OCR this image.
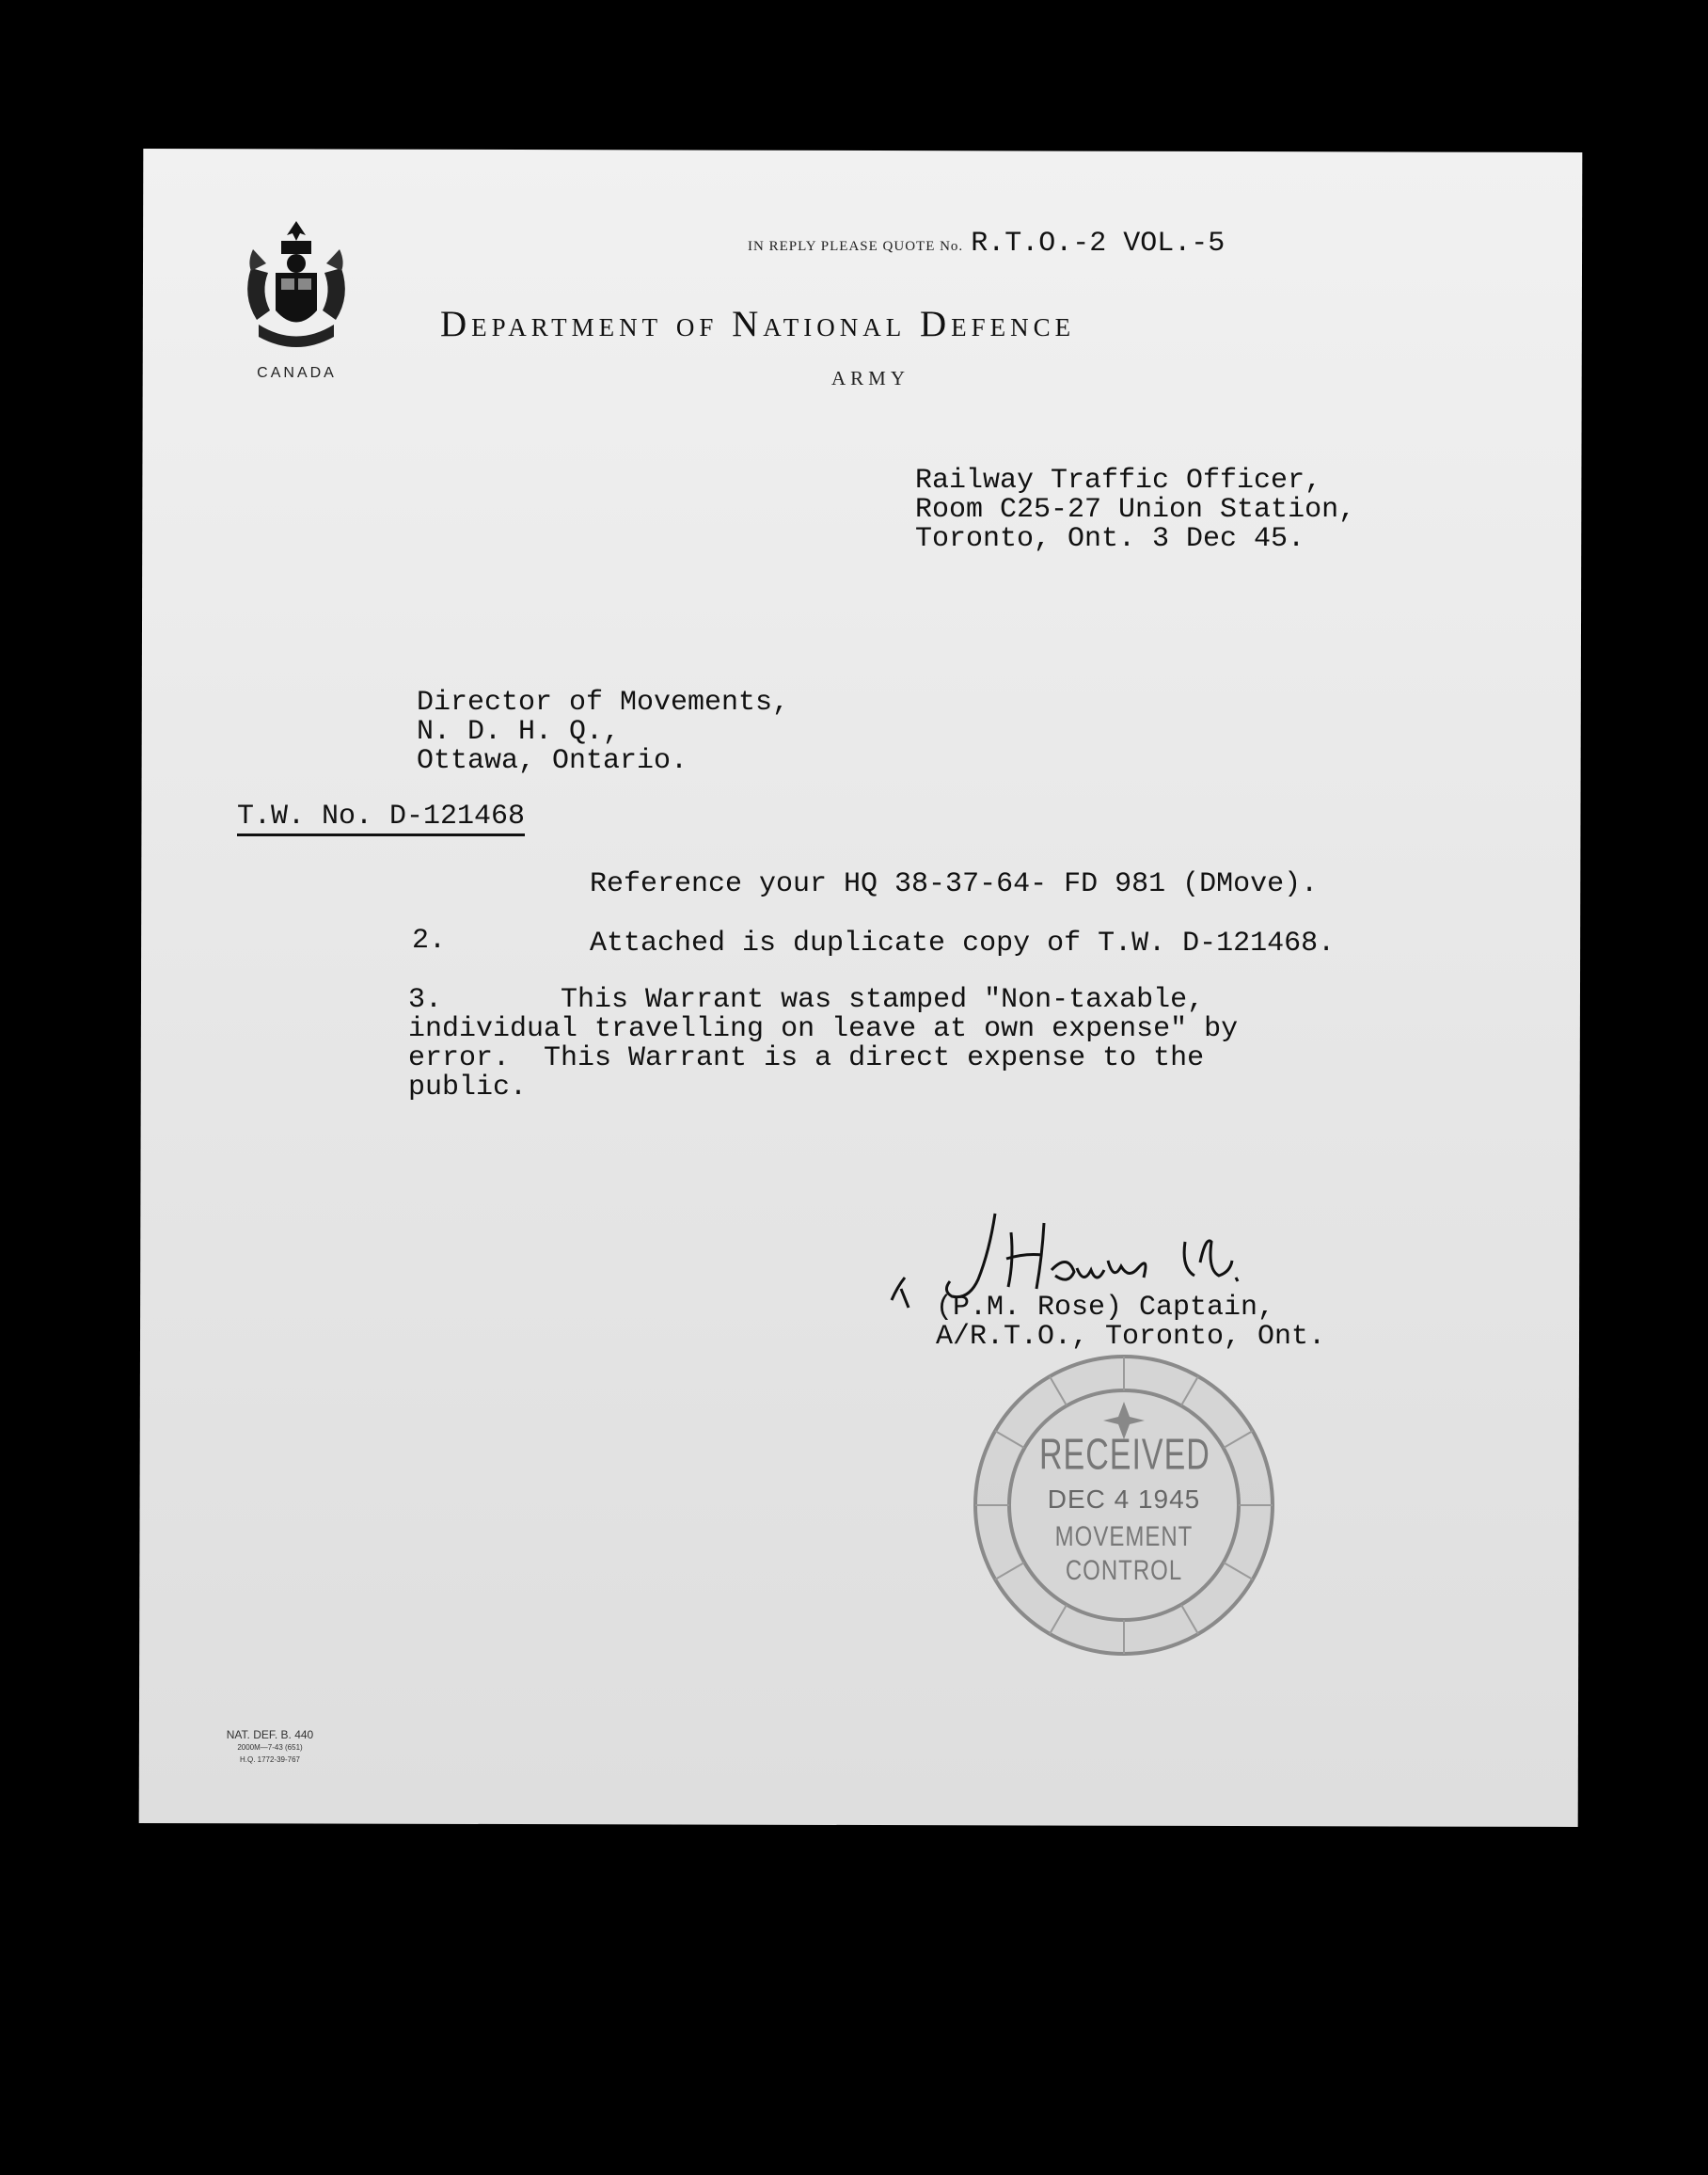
CANADA
IN REPLY PLEASE QUOTE No. R.T.O.-2 VOL.-5
Department of National Defence
ARMY
Railway Traffic Officer,
Room C25-27 Union Station,
Toronto, Ont. 3 Dec 45.
Director of Movements,
N. D. H. Q.,
Ottawa, Ontario.
T.W. No. D-121468
Reference your HQ 38-37-64- FD 981 (DMove).
2.	Attached is duplicate copy of T.W. D-121468.
3.       This Warrant was stamped "Non-taxable,
individual travelling on leave at own expense" by
error.  This Warrant is a direct expense to the
public.
(P.M. Rose) Captain,
A/R.T.O., Toronto, Ont.
RECEIVED
DEC 4 1945
MOVEMENT
CONTROL
NAT. DEF. B. 440
2000M—7-43 (651)
H.Q. 1772-39-767
